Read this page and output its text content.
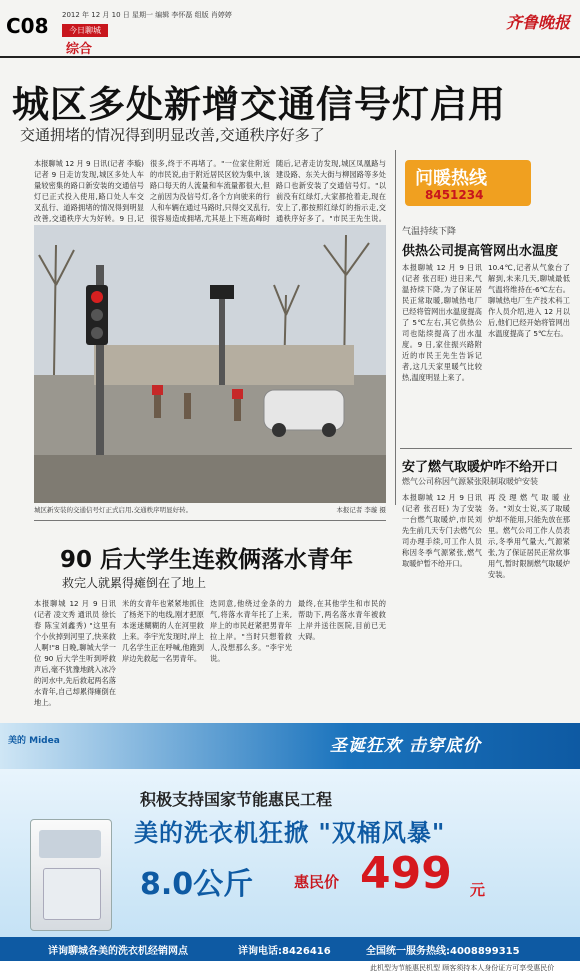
C08 2012 年 12 月 10 日 星期一 编辑 李怀磊 组版 肖婷婷
今日聊城
综合
齐鲁晚报
城区多处新增交通信号灯启用
交通拥堵的情况得到明显改善,交通秩序好多了
本报聊城 12 月 9 日讯(记者 李璇) 记者 9 日走访发现,城区多处人车量较密集的路口新安装的交通信号灯已正式投入使用,路口处人车交叉乱行、道路拥堵的情况得到明显改善,交通秩序大为好转。9 日,记
很多,终于不再堵了。"一位家住附近的市民说,由于附近居民区较为集中,该路口每天的人流量和车流量都很大,但之前因为没信号灯,各个方向驶来的行人和车辆在通过马路时,只得交叉乱行,很容易造成拥堵,尤其是上下班高峰时
随后,记者走访发现,城区凤凰路与建设路、东关大街与柳园路等多处路口也新安装了交通信号灯。"以前没有红绿灯,大家都抢着走,现在安上了,都按照红绿灯的指示走,交通秩序好多了。"市民王先生说。
城区新安装的交通信号灯正式启用,交通秩序明显好转。	本报记者 李璇 摄
问暖热线
8451234
气温持续下降
供热公司提高管网出水温度
本报聊城 12 月 9 日讯(记者 张召旺) 进日来,气温持续下降,为了保证居民正常取暖,聊城热电厂已经将管网出水温度提高了 5℃左右,其它供热公司也陆续提高了出水温度。9 日,家住振兴路附近的市民王先生告诉记者,这几天家里暖气比较热,温度明显上来了。
10.4℃,记者从气象台了解到,未来几天,聊城最低气温将维持在-6℃左右。聊城热电厂生产技术科工作人员介绍,进入 12 月以后,他们已经开始将管网出水温度提高了 5℃左右。
安了燃气取暖炉咋不给开口
燃气公司称因气源紧张限制取暖炉安装
本报聊城 12 月 9 日讯(记者 张召旺) 为了安装一台燃气取暖炉,市民刘先生前几天专门去燃气公司办理手续,可工作人员称因冬季气源紧张,燃气取暖炉暂不给开口。
再没理燃气取暖业务。"刘女士说,买了取暖炉却不能用,只能先放在那里。燃气公司工作人员表示,冬季用气量大,气源紧张,为了保证居民正常炊事用气,暂时限制燃气取暖炉安装。
90 后大学生连救俩落水青年
救完人就累得瘫倒在了地上
本报聊城 12 月 9 日讯(记者 凌文秀 通讯员 徐长春 陈宝刘鑫秀) "这里有个小伙掉到河里了,快来救人啊!"8 日晚,聊城大学一位 90 后大学生听到呼救声后,毫不犹豫地跳入冰冷的河水中,先后救起两名落水青年,自己却累得瘫倒在地上。
米的女青年也紧紧地抓住了杨尧下的电线,刚才把原本迷迷糊糊的人在河里救上来。李宇光发现时,岸上几名学生正在呼喊,他跑到岸边先救起一名男青年。
迭同意,他绕过金条的力气,将落水青年托了上来,岸上的市民赶紧把男青年拉上岸。"当时只想着救人,没想那么多。"李宇光说。
最终,在其他学生和市民的帮助下,两名落水青年被救上岸并送往医院,目前已无大碍。
美的 Midea	圣诞狂欢 击穿底价
积极支持国家节能惠民工程
美的洗衣机狂掀 "双桶风暴"
8.0公斤	惠民价 499 元
详询聊城各美的洗衣机经销网点	详询电话:8426416	全国统一服务热线:4008899315
此机型为节能惠民机型 顾客须持本人身份证方可享受惠民价
